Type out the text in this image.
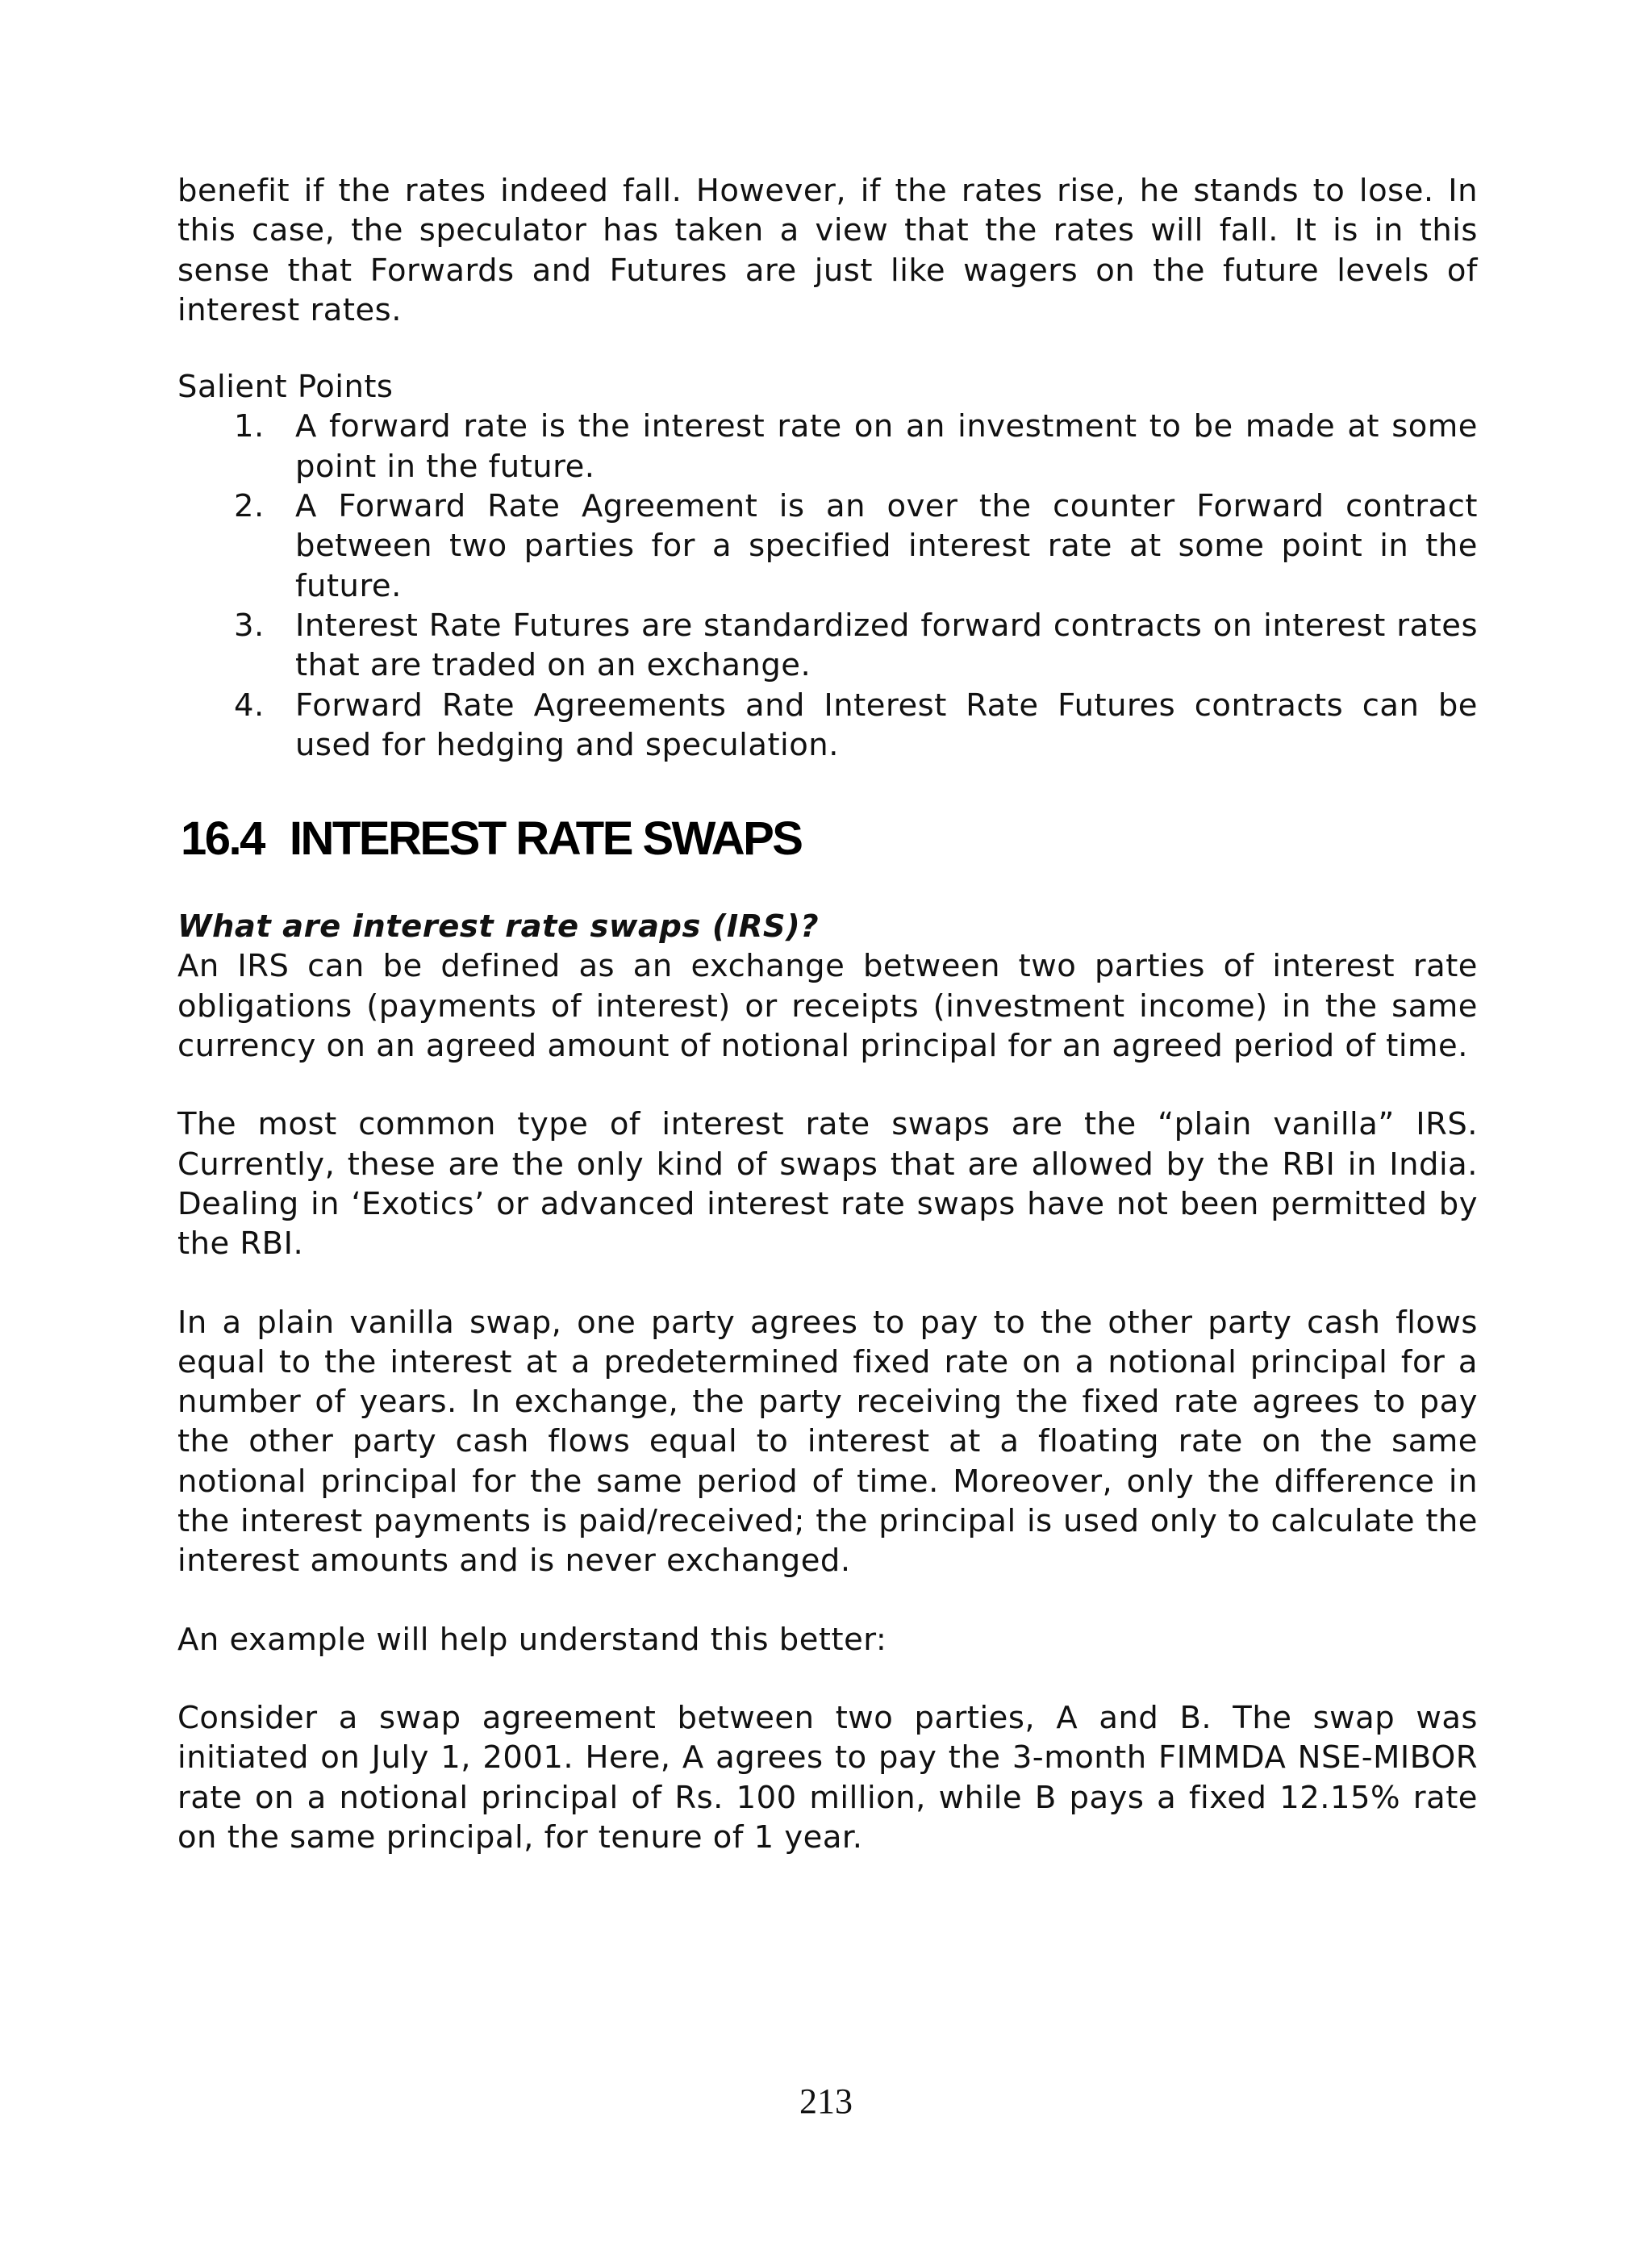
benefit if the rates indeed fall. However, if the rates rise, he stands to lose. In this case, the speculator has taken a view that the rates will fall. It is in this sense that Forwards and Futures are just like wagers on the future levels of interest rates.

Salient Points

1. A forward rate is the interest rate on an investment to be made at some point in the future.
2. A Forward Rate Agreement is an over the counter Forward contract between two parties for a specified interest rate at some point in the future.
3. Interest Rate Futures are standardized forward contracts on interest rates that are traded on an exchange.
4. Forward Rate Agreements and Interest Rate Futures contracts can be used for hedging and speculation.
16.4 INTEREST RATE SWAPS

What are interest rate swaps (IRS)?

An IRS can be defined as an exchange between two parties of interest rate obligations (payments of interest) or receipts (investment income) in the same currency on an agreed amount of notional principal for an agreed period of time.

The most common type of interest rate swaps are the “plain vanilla” IRS. Currently, these are the only kind of swaps that are allowed by the RBI in India. Dealing in ‘Exotics’ or advanced interest rate swaps have not been permitted by the RBI.

In a plain vanilla swap, one party agrees to pay to the other party cash flows equal to the interest at a predetermined fixed rate on a notional principal for a number of years. In exchange, the party receiving the fixed rate agrees to pay the other party cash flows equal to interest at a floating rate on the same notional principal for the same period of time. Moreover, only the difference in the interest payments is paid/received; the principal is used only to calculate the interest amounts and is never exchanged.

An example will help understand this better:

Consider a swap agreement between two parties, A and B. The swap was initiated on July 1, 2001. Here, A agrees to pay the 3-month FIMMDA NSE-MIBOR rate on a notional principal of Rs. 100 million, while B pays a fixed 12.15% rate on the same principal, for tenure of 1 year.

213
